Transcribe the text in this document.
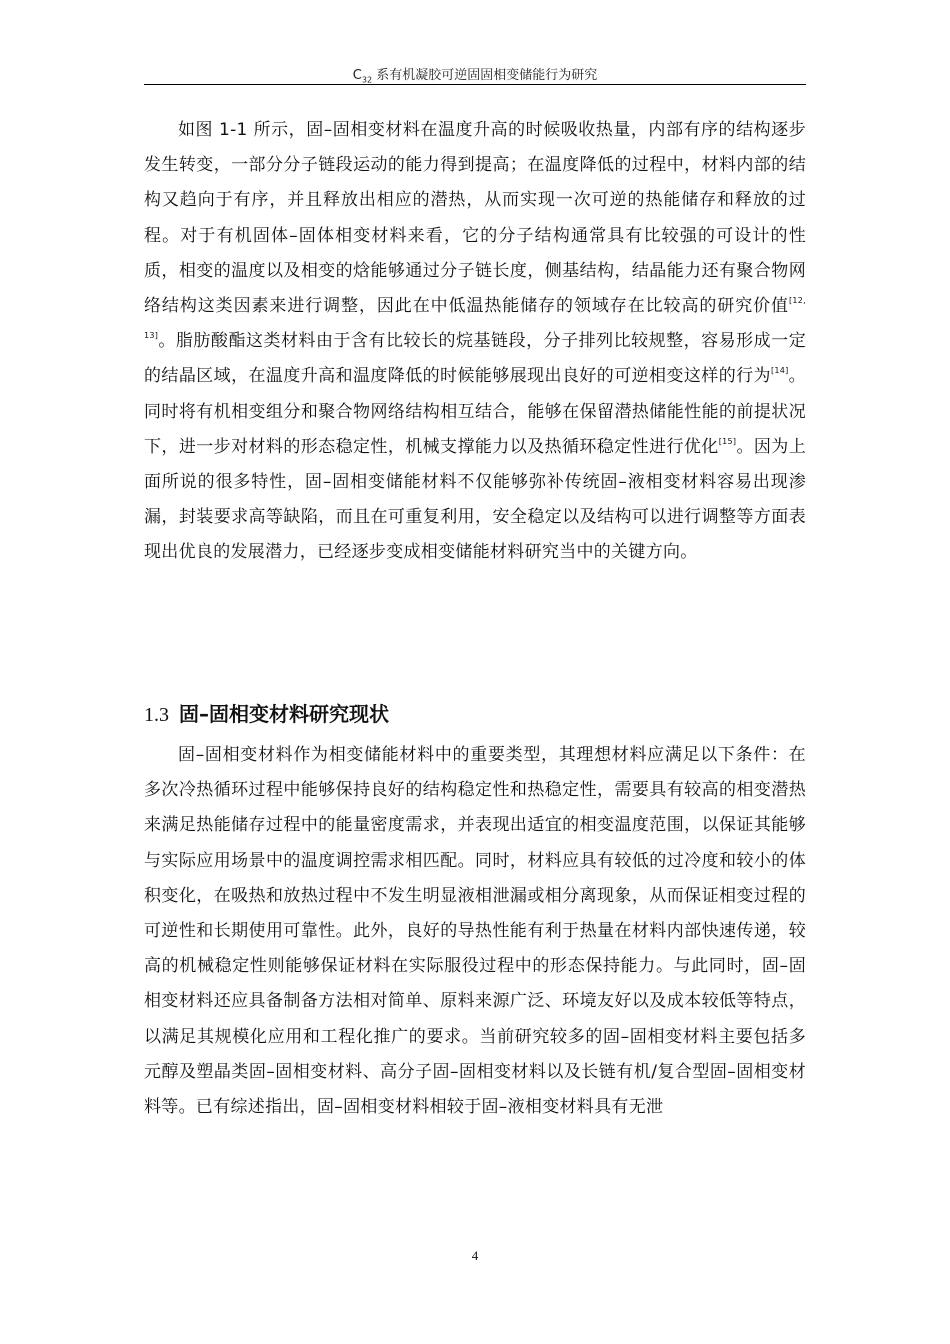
$C_{32}$ 系有机凝胶可逆固固相变储能行为研究

如图 1-1 所示，固–固相变材料在温度升高的时候吸收热量，内部有序的结构逐步发生转变，一部分分子链段运动的能力得到提高；在温度降低的过程中，材料内部的结构又趋向于有序，并且释放出相应的潜热，从而实现一次可逆的热能储存和释放的过程。对于有机固体–固体相变材料来看，它的分子结构通常具有比较强的可设计的性质，相变的温度以及相变的焓能够通过分子链长度，侧基结构，结晶能力还有聚合物网络结构这类因素来进行调整，因此在中低温热能储存的领域存在比较高的研究价值[12, 13]。脂肪酸酯这类材料由于含有比较长的烷基链段，分子排列比较规整，容易形成一定的结晶区域，在温度升高和温度降低的时候能够展现出良好的可逆相变这样的行为[14]。同时将有机相变组分和聚合物网络结构相互结合，能够在保留潜热储能性能的前提状况下，进一步对材料的形态稳定性，机械支撑能力以及热循环稳定性进行优化[15]。因为上面所说的很多特性，固–固相变储能材料不仅能够弥补传统固–液相变材料容易出现渗漏，封装要求高等缺陷，而且在可重复利用，安全稳定以及结构可以进行调整等方面表现出优良的发展潜力，已经逐步变成相变储能材料研究当中的关键方向。

1.3 固–固相变材料研究现状

固–固相变材料作为相变储能材料中的重要类型，其理想材料应满足以下条件：在多次冷热循环过程中能够保持良好的结构稳定性和热稳定性，需要具有较高的相变潜热来满足热能储存过程中的能量密度需求，并表现出适宜的相变温度范围，以保证其能够与实际应用场景中的温度调控需求相匹配。同时，材料应具有较低的过冷度和较小的体积变化，在吸热和放热过程中不发生明显液相泄漏或相分离现象，从而保证相变过程的可逆性和长期使用可靠性。此外，良好的导热性能有利于热量在材料内部快速传递，较高的机械稳定性则能够保证材料在实际服役过程中的形态保持能力。与此同时，固–固相变材料还应具备制备方法相对简单、原料来源广泛、环境友好以及成本较低等特点，以满足其规模化应用和工程化推广的要求。当前研究较多的固–固相变材料主要包括多元醇及塑晶类固–固相变材料、高分子固–固相变材料以及长链有机/复合型固–固相变材料等。已有综述指出，固–固相变材料相较于固–液相变材料具有无泄

4
